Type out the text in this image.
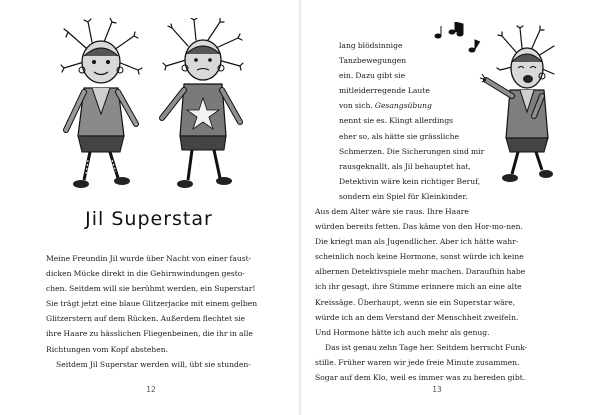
Jil Superstar
Meine Freundin Jil wurde über Nacht von einer faust-
dicken Mücke direkt in die Gehirnwindungen gesto-
chen. Seitdem will sie berühmt werden, ein Superstar!
Sie trägt jetzt eine blaue Glitzerjacke mit einem gelben
Glitzerstern auf dem Rücken. Außerdem flechtet sie
ihre Haare zu hässlichen Fliegenbeinen, die ihr in alle
Richtungen vom Kopf abstehen.
Seitdem Jil Superstar werden will, übt sie stunden-
12
lang blödsinnige
Tanzbewegungen
ein. Dazu gibt sie
mitleiderregende Laute
von sich. Gesangsübung
nennt sie es. Klingt allerdings
eher so, als hätte sie grässliche
Schmerzen. Die Sicherungen sind mir
rausgeknallt, als Jil behauptet hat,
Detektivin wäre kein richtiger Beruf,
sondern ein Spiel für Kleinkinder.
Aus dem Alter wäre sie raus. Ihre Haare
würden bereits fetten. Das käme von den Hor-mo-nen.
Die kriegt man als Jugendlicher. Aber ich hätte wahr-
scheinlich noch keine Hormone, sonst würde ich keine
albernen Detektivspiele mehr machen. Daraufhin habe
ich ihr gesagt, ihre Stimme erinnere mich an eine alte
Kreissäge. Überhaupt, wenn sie ein Superstar wäre,
würde ich an dem Verstand der Menschheit zweifeln.
Und Hormone hätte ich auch mehr als genug.
Das ist genau zehn Tage her. Seitdem herrscht Funk-
stille. Früher waren wir jede freie Minute zusammen.
Sogar auf dem Klo, weil es immer was zu bereden gibt.
13
